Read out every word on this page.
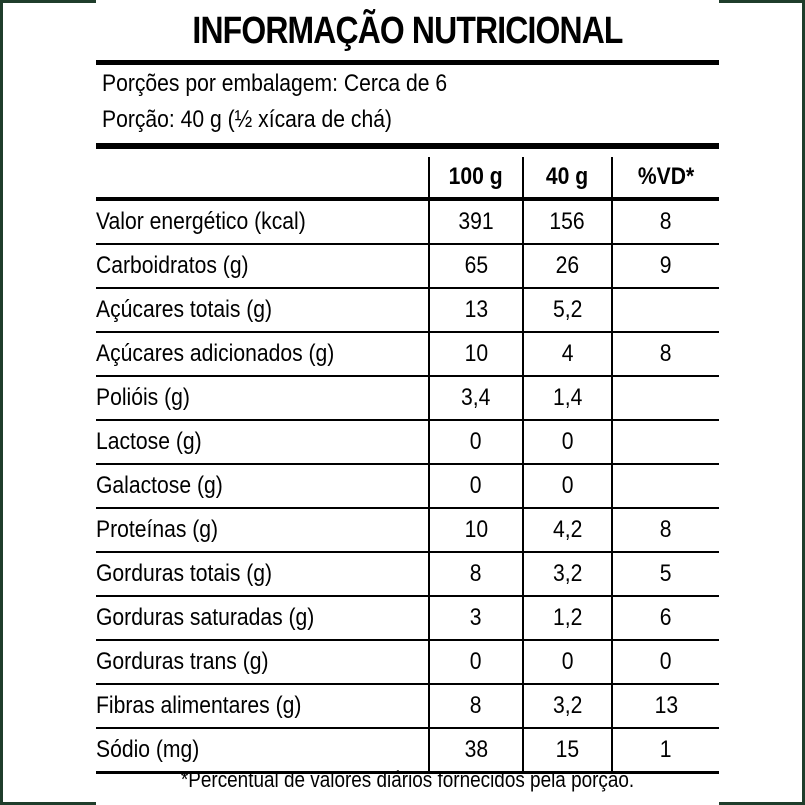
INFORMAÇÃO NUTRICIONAL
Porções por embalagem: Cerca de 6
Porção: 40 g (½ xícara de chá)
	100 g	40 g	%VD*
Valor energético (kcal)	391	156	8
Carboidratos (g)	65	26	9
Açúcares totais (g)	13	5,2	
Açúcares adicionados (g)	10	4	8
Polióis (g)	3,4	1,4	
Lactose (g)	0	0	
Galactose (g)	0	0	
Proteínas (g)	10	4,2	8
Gorduras totais (g)	8	3,2	5
Gorduras saturadas (g)	3	1,2	6
Gorduras trans (g)	0	0	0
Fibras alimentares (g)	8	3,2	13
Sódio (mg)	38	15	1
*Percentual de valores diários fornecidos pela porção.
